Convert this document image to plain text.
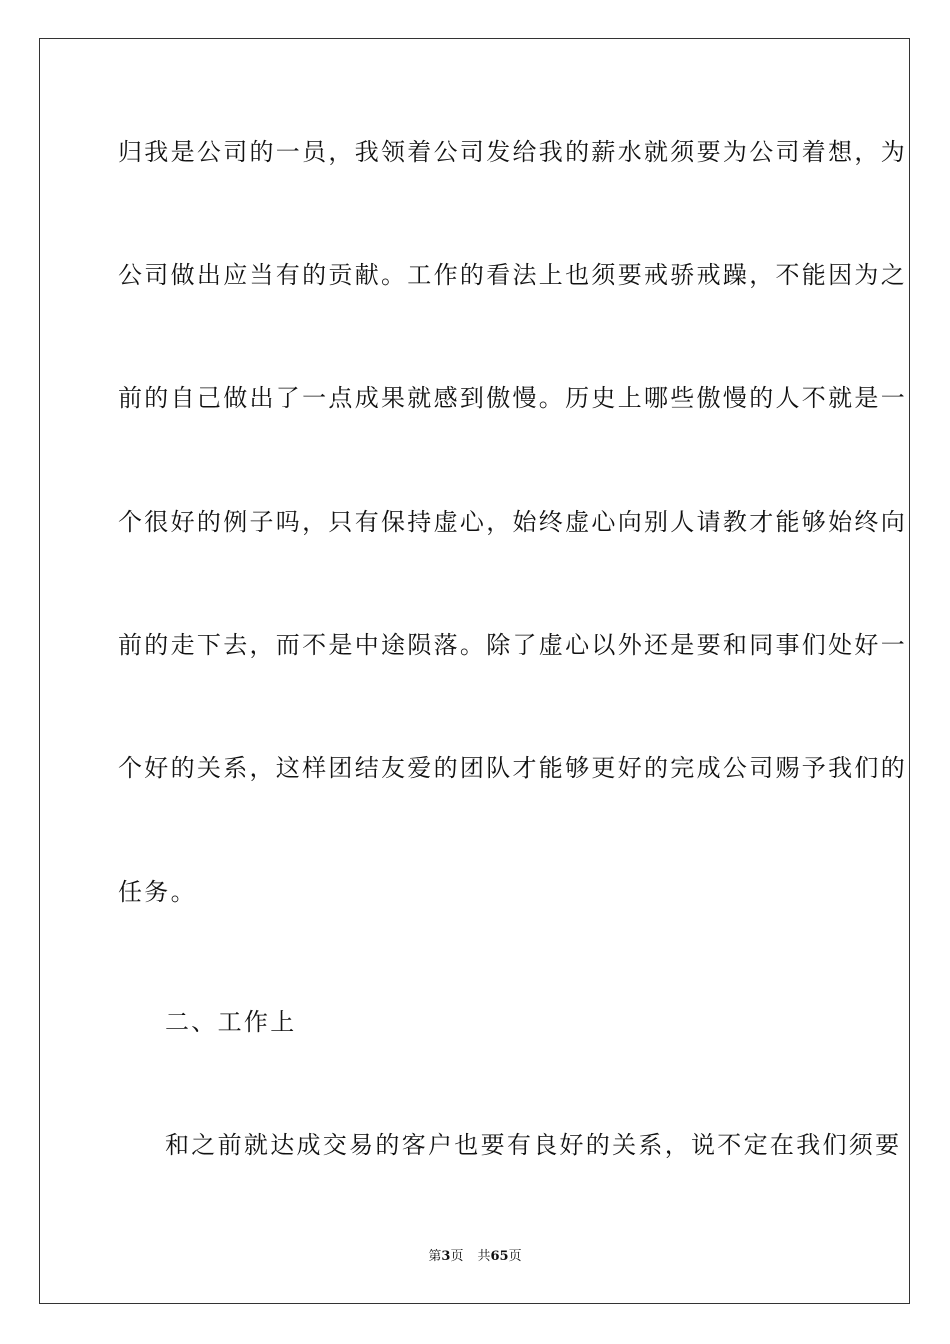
归我是公司的一员，我领着公司发给我的薪水就须要为公司着想，为
公司做出应当有的贡献。工作的看法上也须要戒骄戒躁，不能因为之
前的自己做出了一点成果就感到傲慢。历史上哪些傲慢的人不就是一
个很好的例子吗，只有保持虚心，始终虚心向别人请教才能够始终向
前的走下去，而不是中途陨落。除了虚心以外还是要和同事们处好一
个好的关系，这样团结友爱的团队才能够更好的完成公司赐予我们的
任务。
二、工作上
和之前就达成交易的客户也要有良好的关系，说不定在我们须要
第3页 共65页
